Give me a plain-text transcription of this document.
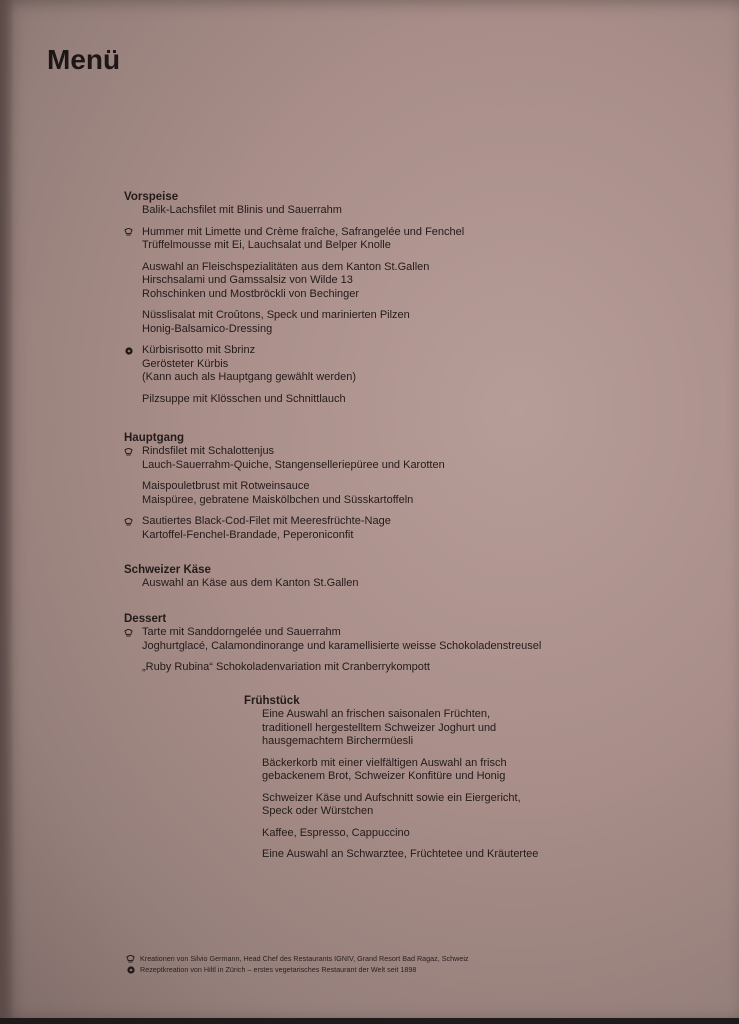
Menü
Vorspeise
Balik-Lachsfilet mit Blinis und Sauerrahm
Hummer mit Limette und Crème fraîche, Safrangelée und Fenchel
Trüffelmousse mit Ei, Lauchsalat und Belper Knolle
Auswahl an Fleischspezialitäten aus dem Kanton St.Gallen
Hirschsalami und Gamssalsiz von Wilde 13
Rohschinken und Mostbröckli von Bechinger
Nüsslisalat mit Croûtons, Speck und marinierten Pilzen
Honig-Balsamico-Dressing
Kürbisrisotto mit Sbrinz
Gerösteter Kürbis
(Kann auch als Hauptgang gewählt werden)
Pilzsuppe mit Klösschen und Schnittlauch
Hauptgang
Rindsfilet mit Schalottenjus
Lauch-Sauerrahm-Quiche, Stangenselleriepüree und Karotten
Maispouletbrust mit Rotweinsauce
Maispüree, gebratene Maiskölbchen und Süsskartoffeln
Sautiertes Black-Cod-Filet mit Meeresfrüchte-Nage
Kartoffel-Fenchel-Brandade, Peperoniconfit
Schweizer Käse
Auswahl an Käse aus dem Kanton St.Gallen
Dessert
Tarte mit Sanddorngelée und Sauerrahm
Joghurtglacé, Calamondinorange und karamellisierte weisse Schokoladenstreusel
„Ruby Rubina“ Schokoladenvariation mit Cranberrykompott
Frühstück
Eine Auswahl an frischen saisonalen Früchten,
traditionell hergestelltem Schweizer Joghurt und
hausgemachtem Birchermüesli
Bäckerkorb mit einer vielfältigen Auswahl an frisch
gebackenem Brot, Schweizer Konfitüre und Honig
Schweizer Käse und Aufschnitt sowie ein Eiergericht,
Speck oder Würstchen
Kaffee, Espresso, Cappuccino
Eine Auswahl an Schwarztee, Früchtetee und Kräutertee
Kreationen von Silvio Germann, Head Chef des Restaurants IGNIV, Grand Resort Bad Ragaz, Schweiz
Rezeptkreation von Hiltl in Zürich – erstes vegetarisches Restaurant der Welt seit 1898
